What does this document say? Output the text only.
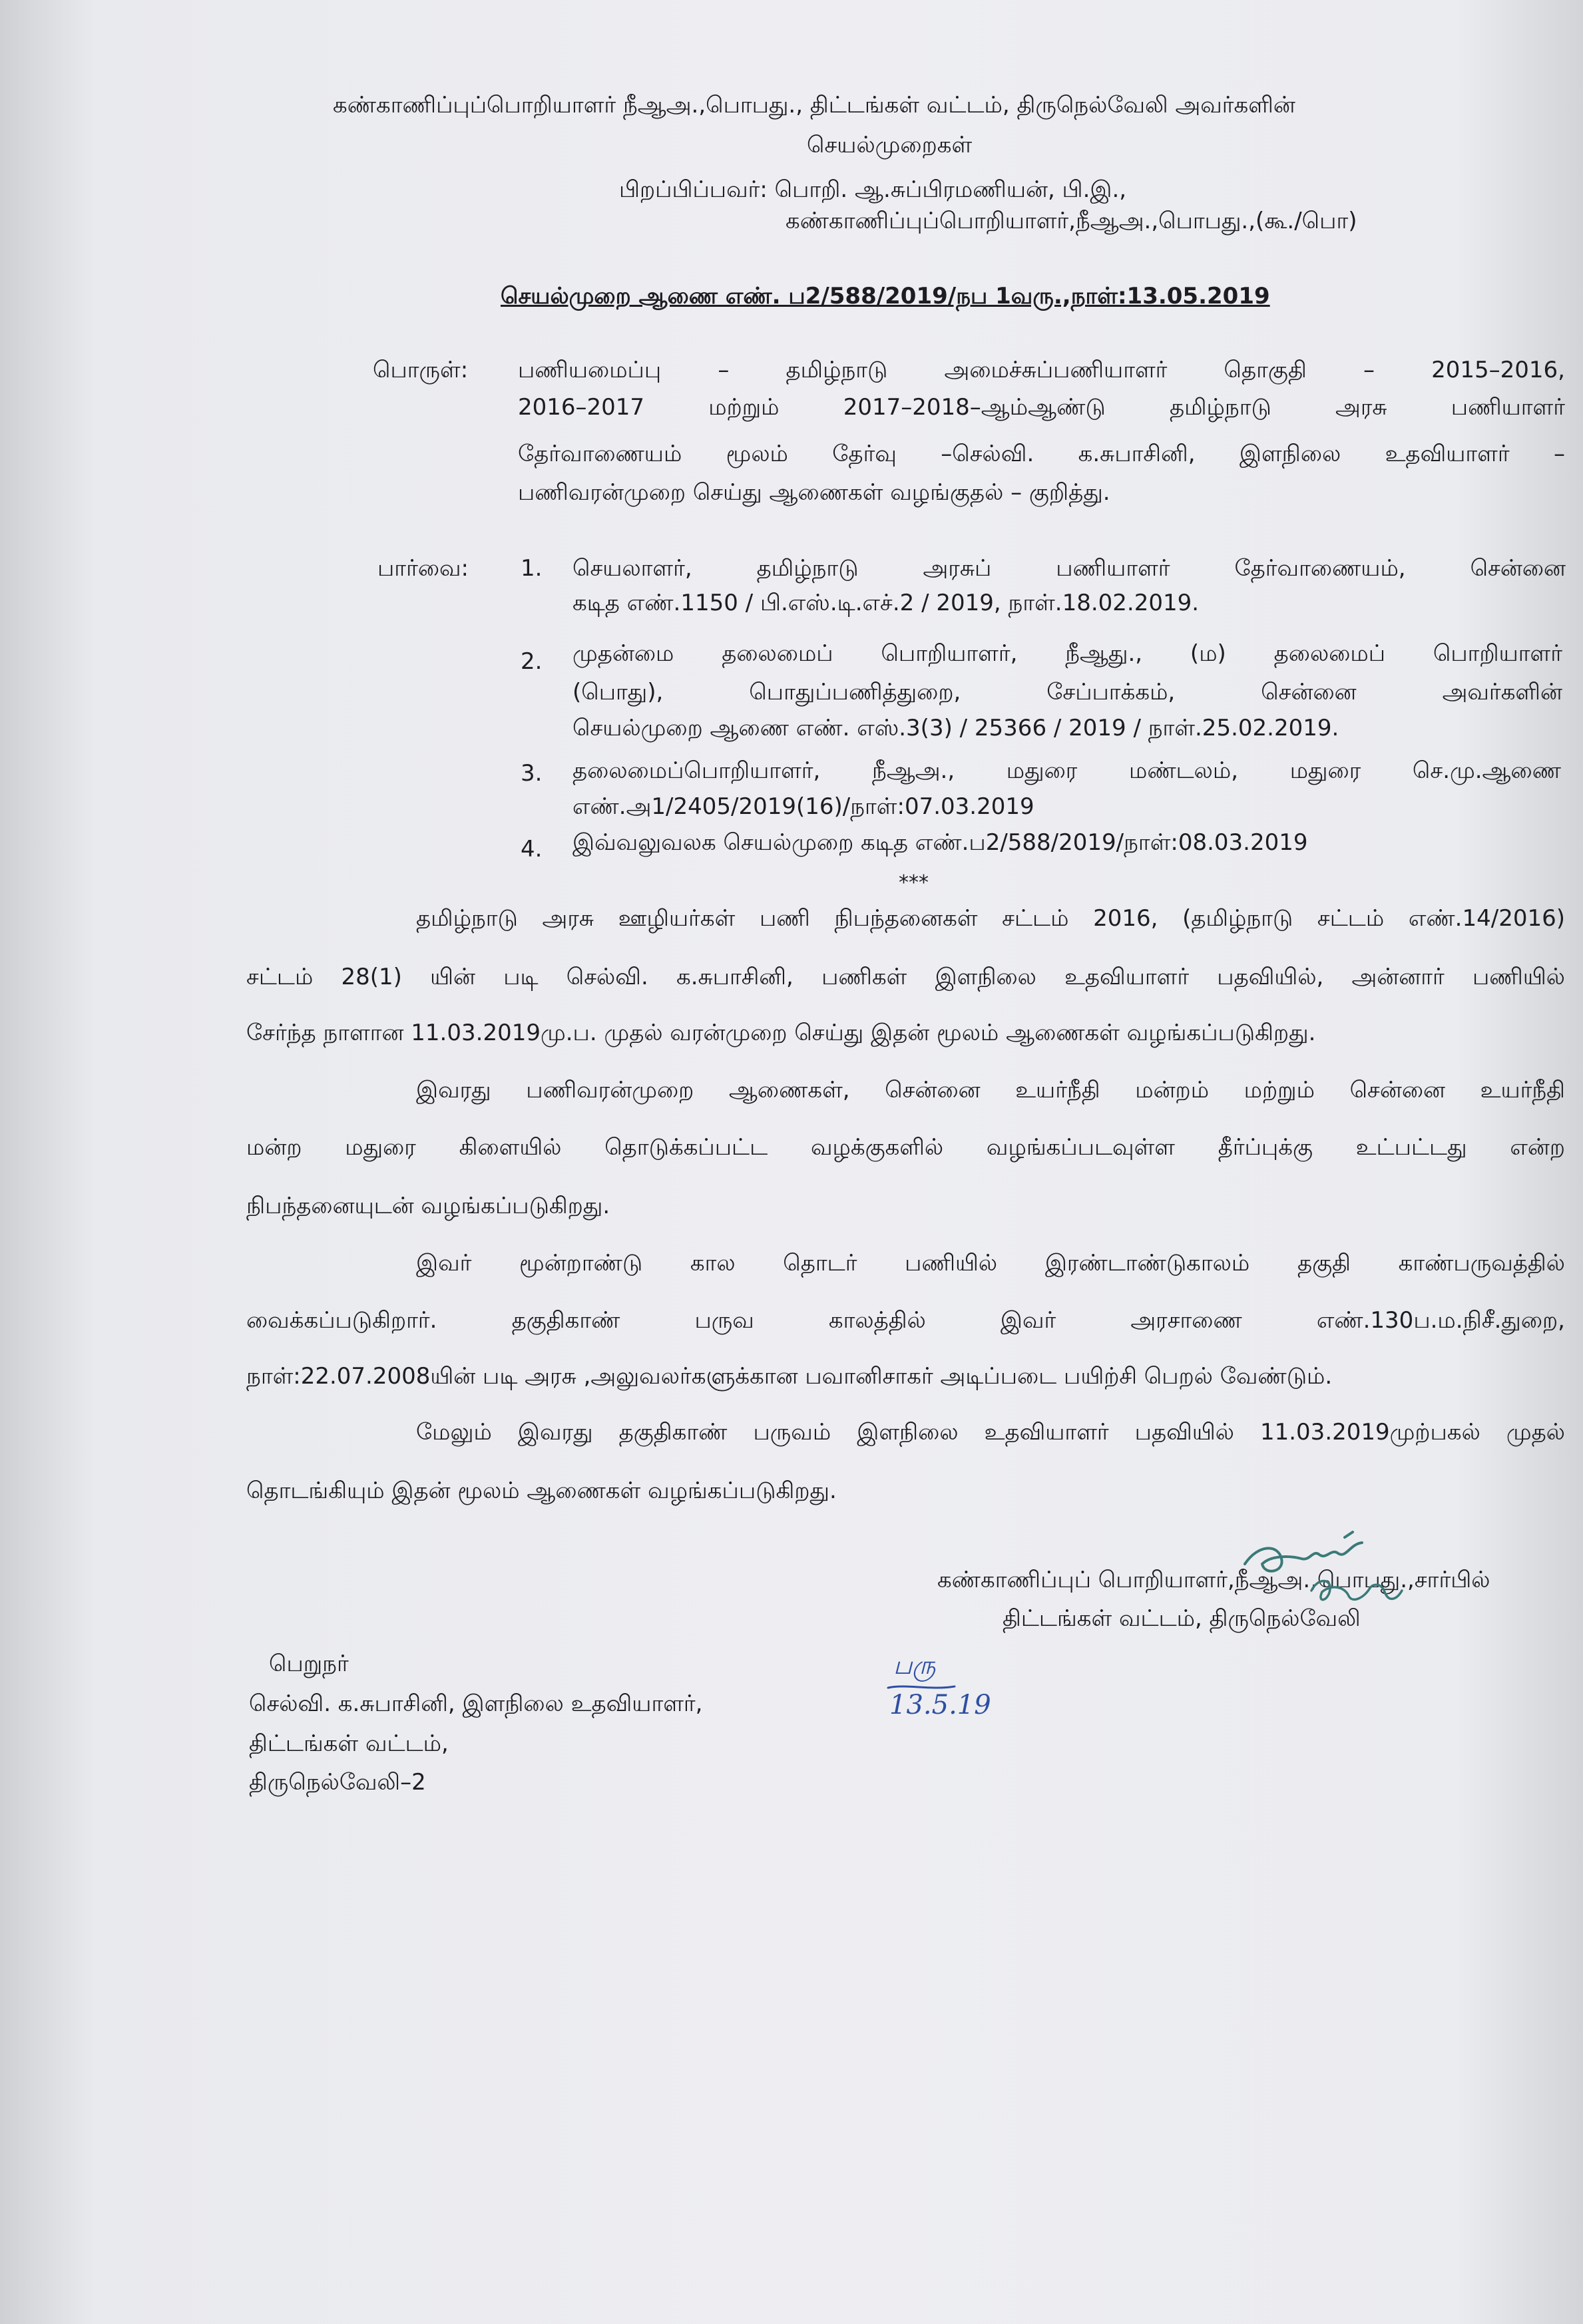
கண்காணிப்புப்பொறியாளர் நீஆஅ.,பொபது., திட்டங்கள் வட்டம், திருநெல்வேலி அவர்களின்
செயல்முறைகள்
பிறப்பிப்பவர்: பொறி. ஆ.சுப்பிரமணியன், பி.இ.,
கண்காணிப்புப்பொறியாளர்,நீஆஅ.,பொபது.,(கூ./பொ)
செயல்முறை ஆணை எண். ப2/588/2019/நப 1வரு.,நாள்:13.05.2019
பொருள்: பணியமைப்பு – தமிழ்நாடு அமைச்சுப்பணியாளர் தொகுதி – 2015–2016,
2016–2017 மற்றும் 2017–2018–ஆம்ஆண்டு தமிழ்நாடு அரசு பணியாளர்
தேர்வாணையம் மூலம் தேர்வு –செல்வி. க.சுபாசினி, இளநிலை உதவியாளர் –
பணிவரன்முறை செய்து ஆணைகள் வழங்குதல் – குறித்து.
பார்வை: 1. செயலாளர், தமிழ்நாடு அரசுப் பணியாளர் தேர்வாணையம், சென்னை
கடித எண்.1150 / பி.எஸ்.டி.எச்.2 / 2019, நாள்.18.02.2019.
2. முதன்மை தலைமைப் பொறியாளர், நீஆது., (ம) தலைமைப் பொறியாளர்
(பொது), பொதுப்பணித்துறை, சேப்பாக்கம், சென்னை அவர்களின்
செயல்முறை ஆணை எண். எஸ்.3(3) / 25366 / 2019 / நாள்.25.02.2019.
3. தலைமைப்பொறியாளர், நீஆஅ., மதுரை மண்டலம், மதுரை செ.மு.ஆணை
எண்.அ1/2405/2019(16)/நாள்:07.03.2019
4. இவ்வலுவலக செயல்முறை கடித எண்.ப2/588/2019/நாள்:08.03.2019
***
தமிழ்நாடு அரசு ஊழியர்கள் பணி நிபந்தனைகள் சட்டம் 2016, (தமிழ்நாடு சட்டம் எண்.14/2016)
சட்டம் 28(1) யின் படி செல்வி. க.சுபாசினி, பணிகள் இளநிலை உதவியாளர் பதவியில், அன்னார் பணியில்
சேர்ந்த நாளான 11.03.2019மு.ப. முதல் வரன்முறை செய்து இதன் மூலம் ஆணைகள் வழங்கப்படுகிறது.
இவரது பணிவரன்முறை ஆணைகள், சென்னை உயர்நீதி மன்றம் மற்றும் சென்னை உயர்நீதி
மன்ற மதுரை கிளையில் தொடுக்கப்பட்ட வழக்குகளில் வழங்கப்படவுள்ள தீர்ப்புக்கு உட்பட்டது என்ற
நிபந்தனையுடன் வழங்கப்படுகிறது.
இவர் மூன்றாண்டு கால தொடர் பணியில் இரண்டாண்டுகாலம் தகுதி காண்பருவத்தில்
வைக்கப்படுகிறார். தகுதிகாண் பருவ காலத்தில் இவர் அரசாணை எண்.130ப.ம.நிசீ.துறை,
நாள்:22.07.2008யின் படி அரசு ,அலுவலர்களுக்கான பவானிசாகர் அடிப்படை பயிற்சி பெறல் வேண்டும்.
மேலும் இவரது தகுதிகாண் பருவம் இளநிலை உதவியாளர் பதவியில் 11.03.2019முற்பகல் முதல்
தொடங்கியும் இதன் மூலம் ஆணைகள் வழங்கப்படுகிறது.
கண்காணிப்புப் பொறியாளர்,நீஆஅ.,பொபது.,சார்பில்
திட்டங்கள் வட்டம், திருநெல்வேலி
பரு
13.5.19
பெறுநர்
செல்வி. க.சுபாசினி, இளநிலை உதவியாளர்,
திட்டங்கள் வட்டம்,
திருநெல்வேலி–2
